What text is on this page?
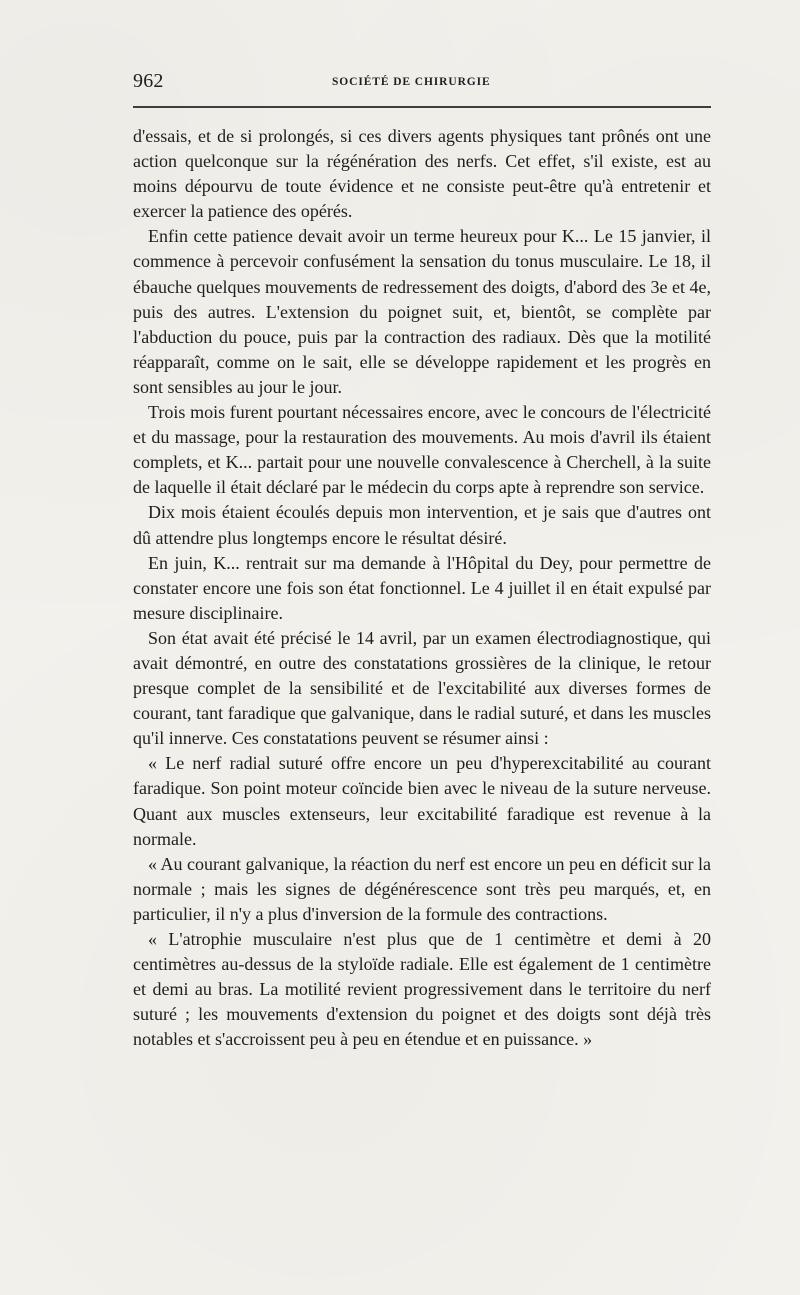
962	SOCIÉTÉ DE CHIRURGIE

d'essais, et de si prolongés, si ces divers agents physiques tant prônés ont une action quelconque sur la régénération des nerfs. Cet effet, s'il existe, est au moins dépourvu de toute évidence et ne consiste peut-être qu'à entretenir et exercer la patience des opérés.

Enfin cette patience devait avoir un terme heureux pour K... Le 15 janvier, il commence à percevoir confusément la sensation du tonus musculaire. Le 18, il ébauche quelques mouvements de redressement des doigts, d'abord des 3e et 4e, puis des autres. L'extension du poignet suit, et, bientôt, se complète par l'abduction du pouce, puis par la contraction des radiaux. Dès que la motilité réapparaît, comme on le sait, elle se développe rapidement et les progrès en sont sensibles au jour le jour.

Trois mois furent pourtant nécessaires encore, avec le concours de l'électricité et du massage, pour la restauration des mouvements. Au mois d'avril ils étaient complets, et K... partait pour une nouvelle convalescence à Cherchell, à la suite de laquelle il était déclaré par le médecin du corps apte à reprendre son service.

Dix mois étaient écoulés depuis mon intervention, et je sais que d'autres ont dû attendre plus longtemps encore le résultat désiré.

En juin, K... rentrait sur ma demande à l'Hôpital du Dey, pour permettre de constater encore une fois son état fonctionnel. Le 4 juillet il en était expulsé par mesure disciplinaire.

Son état avait été précisé le 14 avril, par un examen électrodiagnostique, qui avait démontré, en outre des constatations grossières de la clinique, le retour presque complet de la sensibilité et de l'excitabilité aux diverses formes de courant, tant faradique que galvanique, dans le radial suturé, et dans les muscles qu'il innerve. Ces constatations peuvent se résumer ainsi :

« Le nerf radial suturé offre encore un peu d'hyperexcitabilité au courant faradique. Son point moteur coïncide bien avec le niveau de la suture nerveuse. Quant aux muscles extenseurs, leur excitabilité faradique est revenue à la normale.

« Au courant galvanique, la réaction du nerf est encore un peu en déficit sur la normale ; mais les signes de dégénérescence sont très peu marqués, et, en particulier, il n'y a plus d'inversion de la formule des contractions.

« L'atrophie musculaire n'est plus que de 1 centimètre et demi à 20 centimètres au-dessus de la styloïde radiale. Elle est également de 1 centimètre et demi au bras. La motilité revient progressivement dans le territoire du nerf suturé ; les mouvements d'extension du poignet et des doigts sont déjà très notables et s'accroissent peu à peu en étendue et en puissance. »
